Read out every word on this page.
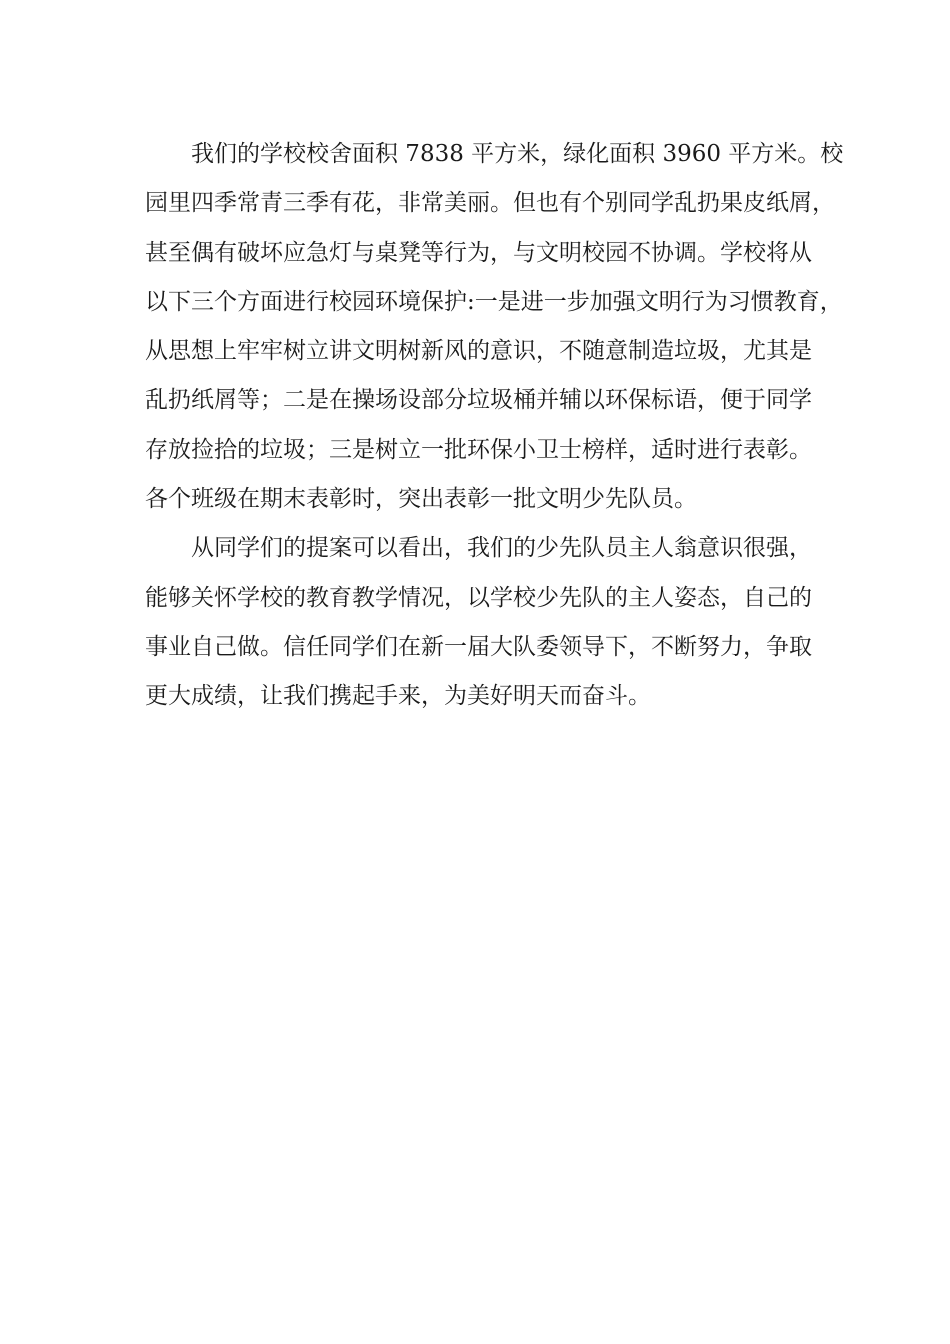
我们的学校校舍面积 7838 平方米，绿化面积 3960 平方米。校
园里四季常青三季有花，非常美丽。但也有个别同学乱扔果皮纸屑，
甚至偶有破坏应急灯与桌凳等行为，与文明校园不协调。学校将从
以下三个方面进行校园环境保护:一是进一步加强文明行为习惯教育，
从思想上牢牢树立讲文明树新风的意识，不随意制造垃圾，尤其是
乱扔纸屑等；二是在操场设部分垃圾桶并辅以环保标语，便于同学
存放捡拾的垃圾；三是树立一批环保小卫士榜样，适时进行表彰。
各个班级在期末表彰时，突出表彰一批文明少先队员。
从同学们的提案可以看出，我们的少先队员主人翁意识很强，
能够关怀学校的教育教学情况，以学校少先队的主人姿态，自己的
事业自己做。信任同学们在新一届大队委领导下，不断努力，争取
更大成绩，让我们携起手来，为美好明天而奋斗。
